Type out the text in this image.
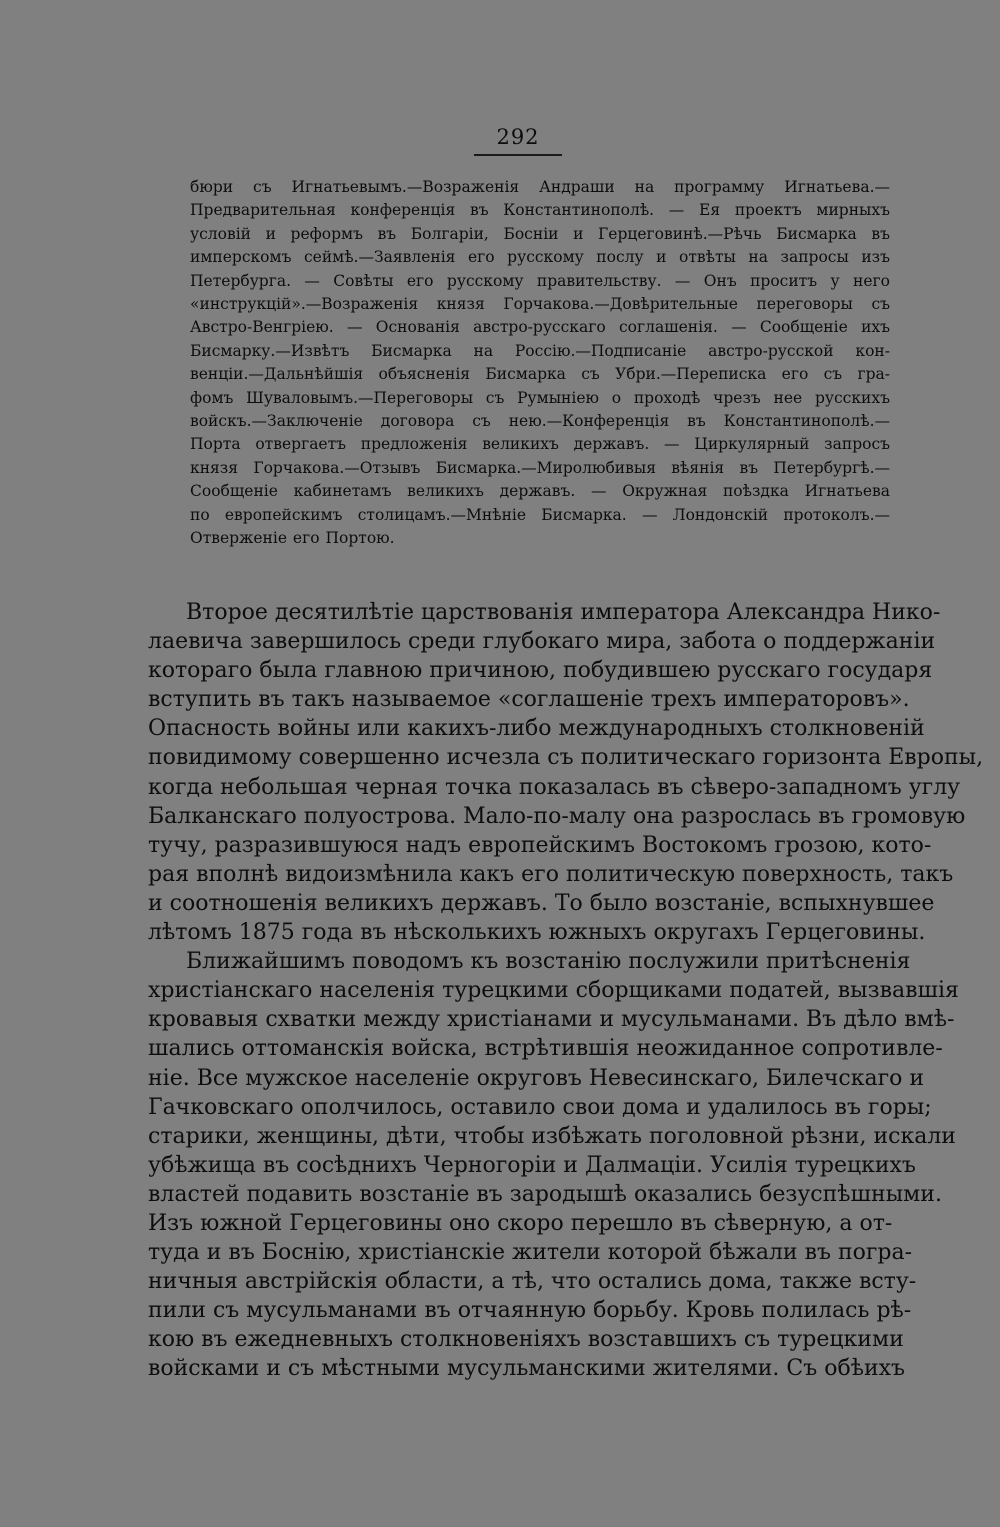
292
бюри съ Игнатьевымъ.—Возраженія Андраши на программу Игнатьева.—
Предварительная конференція въ Константинополѣ. — Ея проектъ мирныхъ
условій и реформъ въ Болгаріи, Босніи и Герцеговинѣ.—Рѣчь Бисмарка въ
имперскомъ сеймѣ.—Заявленія его русскому послу и отвѣты на запросы изъ
Петербурга. — Совѣты его русскому правительству. — Онъ проситъ у него
«инструкцій».—Возраженія князя Горчакова.—Довѣрительные переговоры съ
Австро-Венгріею. — Основанія австро-русскаго соглашенія. — Сообщеніе ихъ
Бисмарку.—Извѣтъ Бисмарка на Россію.—Подписаніе австро-русской кон-
венціи.—Дальнѣйшія объясненія Бисмарка съ Убри.—Переписка его съ гра-
фомъ Шуваловымъ.—Переговоры съ Румыніею о проходѣ чрезъ нее русскихъ
войскъ.—Заключеніе договора съ нею.—Конференція въ Константинополѣ.—
Порта отвергаетъ предложенія великихъ державъ. — Циркулярный запросъ
князя Горчакова.—Отзывъ Бисмарка.—Миролюбивыя вѣянія въ Петербургѣ.—
Сообщеніе кабинетамъ великихъ державъ. — Окружная поѣздка Игнатьева
по европейскимъ столицамъ.—Мнѣніе Бисмарка. — Лондонскій протоколъ.—
Отверженіе его Портою.
Второе десятилѣтіе царствованія императора Александра Нико-
лаевича завершилось среди глубокаго мира, забота о поддержаніи
котораго была главною причиною, побудившею русскаго государя
вступить въ такъ называемое «соглашеніе трехъ императоровъ».
Опасность войны или какихъ-либо международныхъ столкновеній
повидимому совершенно исчезла съ политическаго горизонта Европы,
когда небольшая черная точка показалась въ сѣверо-западномъ углу
Балканскаго полуострова. Мало-по-малу она разрослась въ громовую
тучу, разразившуюся надъ европейскимъ Востокомъ грозою, кото-
рая вполнѣ видоизмѣнила какъ его политическую поверхность, такъ
и соотношенія великихъ державъ. То было возстаніе, вспыхнувшее
лѣтомъ 1875 года въ нѣсколькихъ южныхъ округахъ Герцеговины.
Ближайшимъ поводомъ къ возстанію послужили притѣсненія
христіанскаго населенія турецкими сборщиками податей, вызвавшія
кровавыя схватки между христіанами и мусульманами. Въ дѣло вмѣ-
шались оттоманскія войска, встрѣтившія неожиданное сопротивле-
ніе. Все мужское населеніе округовъ Невесинскаго, Билечскаго и
Гачковскаго ополчилось, оставило свои дома и удалилось въ горы;
старики, женщины, дѣти, чтобы избѣжать поголовной рѣзни, искали
убѣжища въ сосѣднихъ Черногоріи и Далмаціи. Усилія турецкихъ
властей подавить возстаніе въ зародышѣ оказались безуспѣшными.
Изъ южной Герцеговины оно скоро перешло въ сѣверную, а от-
туда и въ Боснію, христіанскіе жители которой бѣжали въ погра-
ничныя австрійскія области, а тѣ, что остались дома, также всту-
пили съ мусульманами въ отчаянную борьбу. Кровь полилась рѣ-
кою въ ежедневныхъ столкновеніяхъ возставшихъ съ турецкими
войсками и съ мѣстными мусульманскими жителями. Съ обѣихъ
